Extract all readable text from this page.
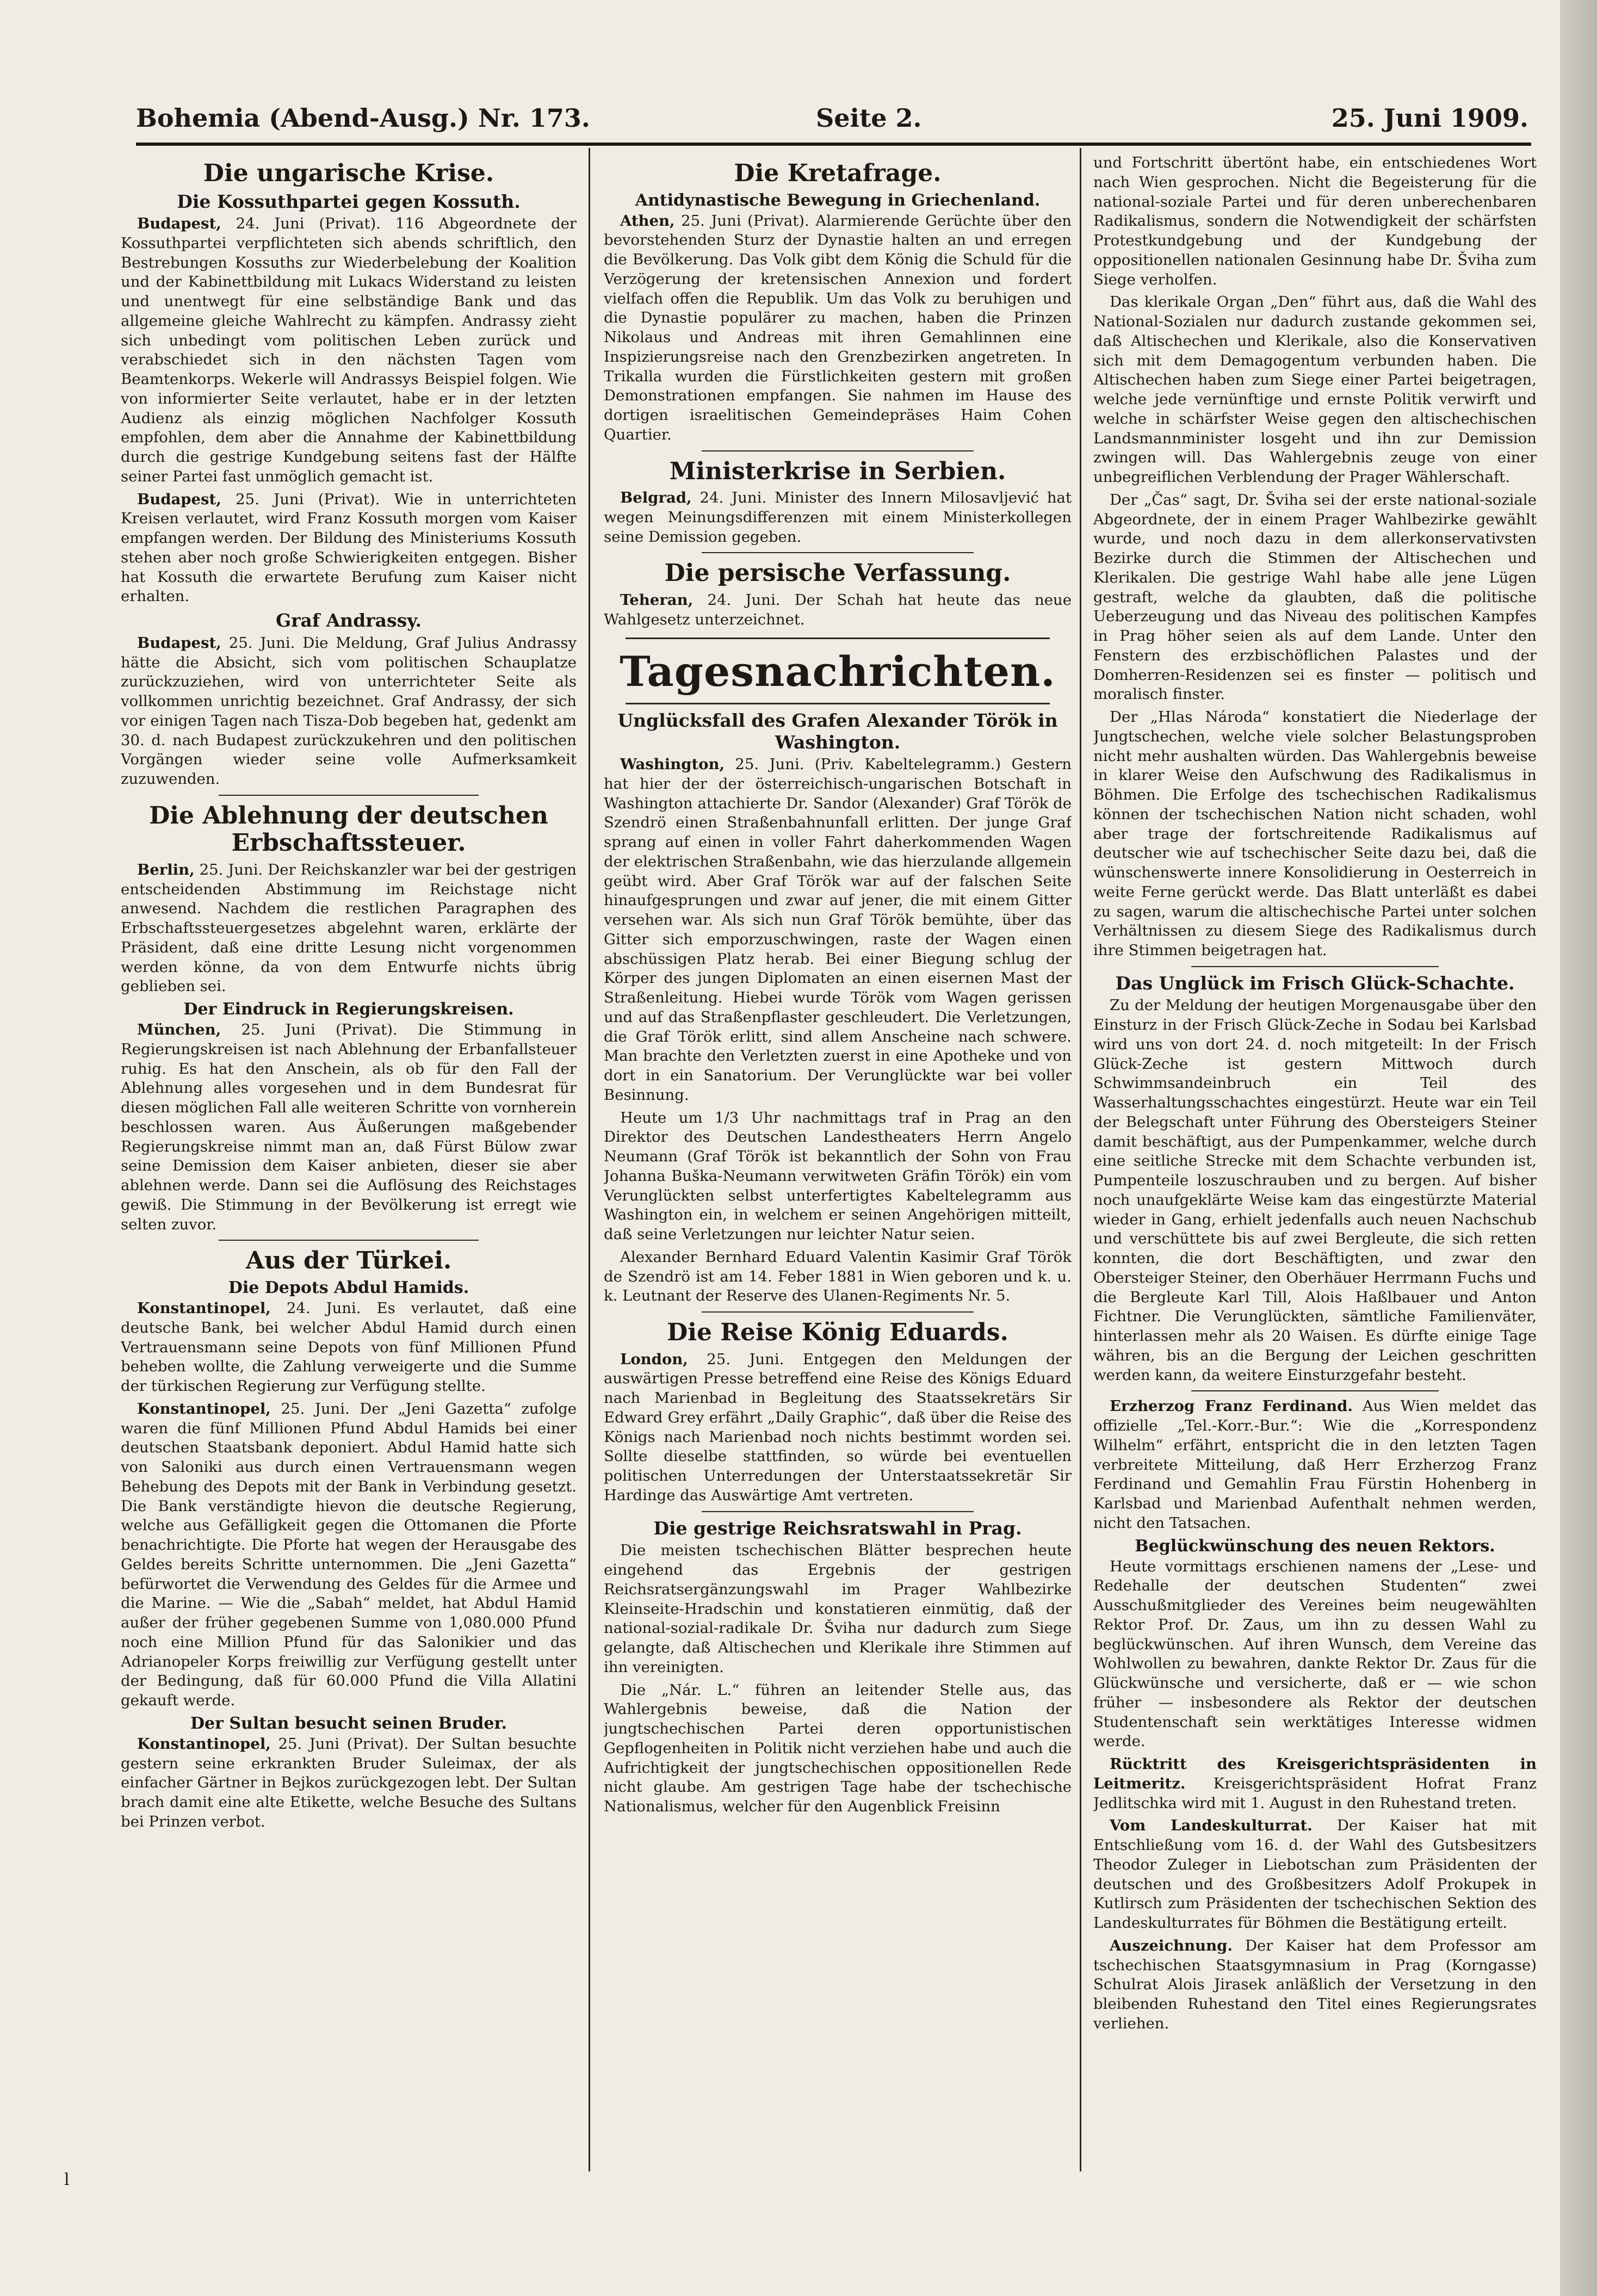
Bohemia (Abend-Ausg.) Nr. 173.	Seite 2.	25. Juni 1909.
Die ungarische Krise.
Die Kossuthpartei gegen Kossuth.

Budapest, 24. Juni (Privat). 116 Abgeordnete der Kossuthpartei verpflichteten sich abends schriftlich, den Bestrebungen Kossuths zur Wiederbelebung der Koalition und der Kabinettbildung mit Lukacs Widerstand zu leisten und unentwegt für eine selbständige Bank und das allgemeine gleiche Wahlrecht zu kämpfen. Andrassy zieht sich unbedingt vom politischen Leben zurück und verabschiedet sich in den nächsten Tagen vom Beamtenkorps. Wekerle will Andrassys Beispiel folgen. Wie von informierter Seite verlautet, habe er in der letzten Audienz als einzig möglichen Nachfolger Kossuth empfohlen, dem aber die Annahme der Kabinettbildung durch die gestrige Kundgebung seitens fast der Hälfte seiner Partei fast unmöglich gemacht ist.

Budapest, 25. Juni (Privat). Wie in unterrichteten Kreisen verlautet, wird Franz Kossuth morgen vom Kaiser empfangen werden. Der Bildung des Ministeriums Kossuth stehen aber noch große Schwierigkeiten entgegen. Bisher hat Kossuth die erwartete Berufung zum Kaiser nicht erhalten.

Graf Andrassy.

Budapest, 25. Juni. Die Meldung, Graf Julius Andrassy hätte die Absicht, sich vom politischen Schauplatze zurückzuziehen, wird von unterrichteter Seite als vollkommen unrichtig bezeichnet. Graf Andrassy, der sich vor einigen Tagen nach Tisza-Dob begeben hat, gedenkt am 30. d. nach Budapest zurückzukehren und den politischen Vorgängen wieder seine volle Aufmerksamkeit zuzuwenden.

Die Ablehnung der deutschen Erbschaftssteuer.

Berlin, 25. Juni. Der Reichskanzler war bei der gestrigen entscheidenden Abstimmung im Reichstage nicht anwesend. Nachdem die restlichen Paragraphen des Erbschaftssteuergesetzes abgelehnt waren, erklärte der Präsident, daß eine dritte Lesung nicht vorgenommen werden könne, da von dem Entwurfe nichts übrig geblieben sei.

Der Eindruck in Regierungskreisen.

München, 25. Juni (Privat). Die Stimmung in Regierungskreisen ist nach Ablehnung der Erbanfallsteuer ruhig. Es hat den Anschein, als ob für den Fall der Ablehnung alles vorgesehen und in dem Bundesrat für diesen möglichen Fall alle weiteren Schritte von vornherein beschlossen waren. Aus Äußerungen maßgebender Regierungskreise nimmt man an, daß Fürst Bülow zwar seine Demission dem Kaiser anbieten, dieser sie aber ablehnen werde. Dann sei die Auflösung des Reichstages gewiß. Die Stimmung in der Bevölkerung ist erregt wie selten zuvor.

Aus der Türkei.
Die Depots Abdul Hamids.

Konstantinopel, 24. Juni. Es verlautet, daß eine deutsche Bank, bei welcher Abdul Hamid durch einen Vertrauensmann seine Depots von fünf Millionen Pfund beheben wollte, die Zahlung verweigerte und die Summe der türkischen Regierung zur Verfügung stellte.

Konstantinopel, 25. Juni. Der „Jeni Gazetta“ zufolge waren die fünf Millionen Pfund Abdul Hamids bei einer deutschen Staatsbank deponiert. Abdul Hamid hatte sich von Saloniki aus durch einen Vertrauensmann wegen Behebung des Depots mit der Bank in Verbindung gesetzt. Die Bank verständigte hievon die deutsche Regierung, welche aus Gefälligkeit gegen die Ottomanen die Pforte benachrichtigte. Die Pforte hat wegen der Herausgabe des Geldes bereits Schritte unternommen. Die „Jeni Gazetta“ befürwortet die Verwendung des Geldes für die Armee und die Marine. — Wie die „Sabah“ meldet, hat Abdul Hamid außer der früher gegebenen Summe von 1,080.000 Pfund noch eine Million Pfund für das Salonikier und das Adrianopeler Korps freiwillig zur Verfügung gestellt unter der Bedingung, daß für 60.000 Pfund die Villa Allatini gekauft werde.

Der Sultan besucht seinen Bruder.

Konstantinopel, 25. Juni (Privat). Der Sultan besuchte gestern seine erkrankten Bruder Suleimax, der als einfacher Gärtner in Bejkos zurückgezogen lebt. Der Sultan brach damit eine alte Etikette, welche Besuche des Sultans bei Prinzen verbot.

Die Kretafrage.
Antidynastische Bewegung in Griechenland.

Athen, 25. Juni (Privat). Alarmierende Gerüchte über den bevorstehenden Sturz der Dynastie halten an und erregen die Bevölkerung. Das Volk gibt dem König die Schuld für die Verzögerung der kretensischen Annexion und fordert vielfach offen die Republik. Um das Volk zu beruhigen und die Dynastie populärer zu machen, haben die Prinzen Nikolaus und Andreas mit ihren Gemahlinnen eine Inspizierungsreise nach den Grenzbezirken angetreten. In Trikalla wurden die Fürstlichkeiten gestern mit großen Demonstrationen empfangen. Sie nahmen im Hause des dortigen israelitischen Gemeindepräses Haim Cohen Quartier.

Ministerkrise in Serbien.

Belgrad, 24. Juni. Minister des Innern Milosavljević hat wegen Meinungsdifferenzen mit einem Ministerkollegen seine Demission gegeben.

Die persische Verfassung.

Teheran, 24. Juni. Der Schah hat heute das neue Wahlgesetz unterzeichnet.

Tagesnachrichten.
Unglücksfall des Grafen Alexander Török in Washington.

Washington, 25. Juni. (Priv. Kabeltelegramm.) Gestern hat hier der der österreichisch-ungarischen Botschaft in Washington attachierte Dr. Sandor (Alexander) Graf Török de Szendrö einen Straßenbahnunfall erlitten. Der junge Graf sprang auf einen in voller Fahrt daherkommenden Wagen der elektrischen Straßenbahn, wie das hierzulande allgemein geübt wird. Aber Graf Török war auf der falschen Seite hinaufgesprungen und zwar auf jener, die mit einem Gitter versehen war. Als sich nun Graf Török bemühte, über das Gitter sich emporzuschwingen, raste der Wagen einen abschüssigen Platz herab. Bei einer Biegung schlug der Körper des jungen Diplomaten an einen eisernen Mast der Straßenleitung. Hiebei wurde Török vom Wagen gerissen und auf das Straßenpflaster geschleudert. Die Verletzungen, die Graf Török erlitt, sind allem Anscheine nach schwere. Man brachte den Verletzten zuerst in eine Apotheke und von dort in ein Sanatorium. Der Verunglückte war bei voller Besinnung.

Heute um 1/3 Uhr nachmittags traf in Prag an den Direktor des Deutschen Landestheaters Herrn Angelo Neumann (Graf Török ist bekanntlich der Sohn von Frau Johanna Buška-Neumann verwitweten Gräfin Török) ein vom Verunglückten selbst unterfertigtes Kabeltelegramm aus Washington ein, in welchem er seinen Angehörigen mitteilt, daß seine Verletzungen nur leichter Natur seien.

Alexander Bernhard Eduard Valentin Kasimir Graf Török de Szendrö ist am 14. Feber 1881 in Wien geboren und k. u. k. Leutnant der Reserve des Ulanen-Regiments Nr. 5.

Die Reise König Eduards.

London, 25. Juni. Entgegen den Meldungen der auswärtigen Presse betreffend eine Reise des Königs Eduard nach Marienbad in Begleitung des Staatssekretärs Sir Edward Grey erfährt „Daily Graphic“, daß über die Reise des Königs nach Marienbad noch nichts bestimmt worden sei. Sollte dieselbe stattfinden, so würde bei eventuellen politischen Unterredungen der Unterstaatssekretär Sir Hardinge das Auswärtige Amt vertreten.

Die gestrige Reichsratswahl in Prag.

Die meisten tschechischen Blätter besprechen heute eingehend das Ergebnis der gestrigen Reichsratsergänzungswahl im Prager Wahlbezirke Kleinseite-Hradschin und konstatieren einmütig, daß der national-sozial-radikale Dr. Šviha nur dadurch zum Siege gelangte, daß Altischechen und Klerikale ihre Stimmen auf ihn vereinigten.

Die „Nár. L.“ führen an leitender Stelle aus, das Wahlergebnis beweise, daß die Nation der jungtschechischen Partei deren opportunistischen Gepflogenheiten in Politik nicht verziehen habe und auch die Aufrichtigkeit der jungtschechischen oppositionellen Rede nicht glaube. Am gestrigen Tage habe der tschechische Nationalismus, welcher für den Augenblick Freisinn

und Fortschritt übertönt habe, ein entschiedenes Wort nach Wien gesprochen. Nicht die Begeisterung für die national-soziale Partei und für deren unberechenbaren Radikalismus, sondern die Notwendigkeit der schärfsten Protestkundgebung und der Kundgebung der oppositionellen nationalen Gesinnung habe Dr. Šviha zum Siege verholfen.

Das klerikale Organ „Den“ führt aus, daß die Wahl des National-Sozialen nur dadurch zustande gekommen sei, daß Altischechen und Klerikale, also die Konservativen sich mit dem Demagogentum verbunden haben. Die Altischechen haben zum Siege einer Partei beigetragen, welche jede vernünftige und ernste Politik verwirft und welche in schärfster Weise gegen den altischechischen Landsmannminister losgeht und ihn zur Demission zwingen will. Das Wahlergebnis zeuge von einer unbegreiflichen Verblendung der Prager Wählerschaft.

Der „Čas“ sagt, Dr. Šviha sei der erste national-soziale Abgeordnete, der in einem Prager Wahlbezirke gewählt wurde, und noch dazu in dem allerkonservativsten Bezirke durch die Stimmen der Altischechen und Klerikalen. Die gestrige Wahl habe alle jene Lügen gestraft, welche da glaubten, daß die politische Ueberzeugung und das Niveau des politischen Kampfes in Prag höher seien als auf dem Lande. Unter den Fenstern des erzbischöflichen Palastes und der Domherren-Residenzen sei es finster — politisch und moralisch finster.

Der „Hlas Národa“ konstatiert die Niederlage der Jungtschechen, welche viele solcher Belastungsproben nicht mehr aushalten würden. Das Wahlergebnis beweise in klarer Weise den Aufschwung des Radikalismus in Böhmen. Die Erfolge des tschechischen Radikalismus können der tschechischen Nation nicht schaden, wohl aber trage der fortschreitende Radikalismus auf deutscher wie auf tschechischer Seite dazu bei, daß die wünschenswerte innere Konsolidierung in Oesterreich in weite Ferne gerückt werde. Das Blatt unterläßt es dabei zu sagen, warum die altischechische Partei unter solchen Verhältnissen zu diesem Siege des Radikalismus durch ihre Stimmen beigetragen hat.

Das Unglück im Frisch Glück-Schachte.

Zu der Meldung der heutigen Morgenausgabe über den Einsturz in der Frisch Glück-Zeche in Sodau bei Karlsbad wird uns von dort 24. d. noch mitgeteilt: In der Frisch Glück-Zeche ist gestern Mittwoch durch Schwimmsandeinbruch ein Teil des Wasserhaltungsschachtes eingestürzt. Heute war ein Teil der Belegschaft unter Führung des Obersteigers Steiner damit beschäftigt, aus der Pumpenkammer, welche durch eine seitliche Strecke mit dem Schachte verbunden ist, Pumpenteile loszuschrauben und zu bergen. Auf bisher noch unaufgeklärte Weise kam das eingestürzte Material wieder in Gang, erhielt jedenfalls auch neuen Nachschub und verschüttete bis auf zwei Bergleute, die sich retten konnten, die dort Beschäftigten, und zwar den Obersteiger Steiner, den Oberhäuer Herrmann Fuchs und die Bergleute Karl Till, Alois Haßlbauer und Anton Fichtner. Die Verunglückten, sämtliche Familienväter, hinterlassen mehr als 20 Waisen. Es dürfte einige Tage währen, bis an die Bergung der Leichen geschritten werden kann, da weitere Einsturzgefahr besteht.

Erzherzog Franz Ferdinand. Aus Wien meldet das offizielle „Tel.-Korr.-Bur.“: Wie die „Korrespondenz Wilhelm“ erfährt, entspricht die in den letzten Tagen verbreitete Mitteilung, daß Herr Erzherzog Franz Ferdinand und Gemahlin Frau Fürstin Hohenberg in Karlsbad und Marienbad Aufenthalt nehmen werden, nicht den Tatsachen.

Beglückwünschung des neuen Rektors.

Heute vormittags erschienen namens der „Lese- und Redehalle der deutschen Studenten“ zwei Ausschußmitglieder des Vereines beim neugewählten Rektor Prof. Dr. Zaus, um ihn zu dessen Wahl zu beglückwünschen. Auf ihren Wunsch, dem Vereine das Wohlwollen zu bewahren, dankte Rektor Dr. Zaus für die Glückwünsche und versicherte, daß er — wie schon früher — insbesondere als Rektor der deutschen Studentenschaft sein werktätiges Interesse widmen werde.

Rücktritt des Kreisgerichtspräsidenten in Leitmeritz. Kreisgerichtspräsident Hofrat Franz Jedlitschka wird mit 1. August in den Ruhestand treten.

Vom Landeskulturrat. Der Kaiser hat mit Entschließung vom 16. d. der Wahl des Gutsbesitzers Theodor Zuleger in Liebotschan zum Präsidenten der deutschen und des Großbesitzers Adolf Prokupek in Kutlirsch zum Präsidenten der tschechischen Sektion des Landeskulturrates für Böhmen die Bestätigung erteilt.

Auszeichnung. Der Kaiser hat dem Professor am tschechischen Staatsgymnasium in Prag (Korngasse) Schulrat Alois Jirasek anläßlich der Versetzung in den bleibenden Ruhestand den Titel eines Regierungsrates verliehen.

l
